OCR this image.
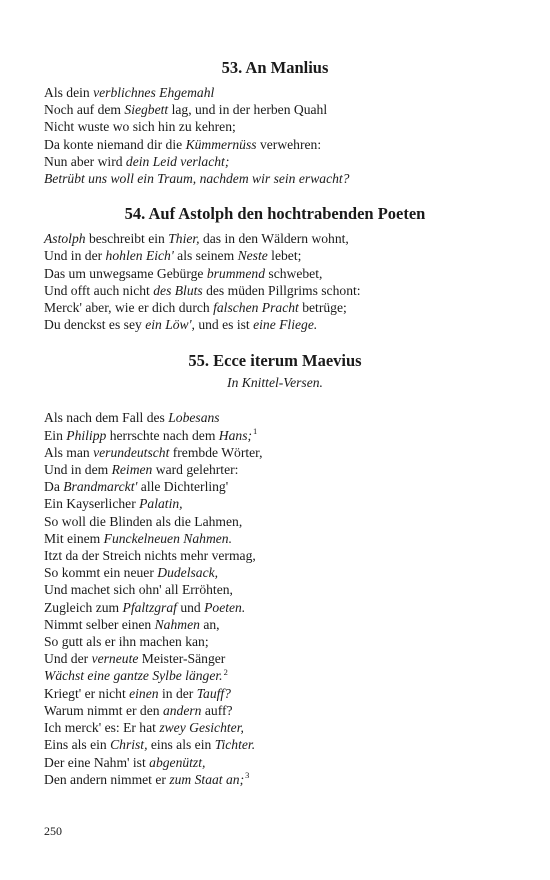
53. An Manlius
Als dein verblichnes Ehgemahl
Noch auf dem Siegbett lag, und in der herben Quahl
Nicht wuste wo sich hin zu kehren;
Da konte niemand dir die Kümmernüss verwehren:
Nun aber wird dein Leid verlacht;
Betrübt uns woll ein Traum, nachdem wir sein erwacht?
54. Auf Astolph den hochtrabenden Poeten
Astolph beschreibt ein Thier, das in den Wäldern wohnt,
Und in der hohlen Eich' als seinem Neste lebet;
Das um unwegsame Gebürge brummend schwebet,
Und offt auch nicht des Bluts des müden Pillgrims schont:
Merck' aber, wie er dich durch falschen Pracht betrüge;
Du denckst es sey ein Löw', und es ist eine Fliege.
55. Ecce iterum Maevius
In Knittel-Versen.
Als nach dem Fall des Lobesans
Ein Philipp herrschte nach dem Hans;$^1$
Als man verundeutscht frembde Wörter,
Und in dem Reimen ward gelehrter:
Da Brandmarckt' alle Dichterling'
Ein Kayserlicher Palatin,
So woll die Blinden als die Lahmen,
Mit einem Funckelneuen Nahmen.
Itzt da der Streich nichts mehr vermag,
So kommt ein neuer Dudelsack,
Und machet sich ohn' all Erröhten,
Zugleich zum Pfaltzgraf und Poeten.
Nimmt selber einen Nahmen an,
So gutt als er ihn machen kan;
Und der verneute Meister-Sänger
Wächst eine gantze Sylbe länger.$^2$
Kriegt' er nicht einen in der Tauff?
Warum nimmt er den andern auff?
Ich merck' es: Er hat zwey Gesichter,
Eins als ein Christ, eins als ein Tichter.
Der eine Nahm' ist abgenützt,
Den andern nimmet er zum Staat an;$^3$
250
